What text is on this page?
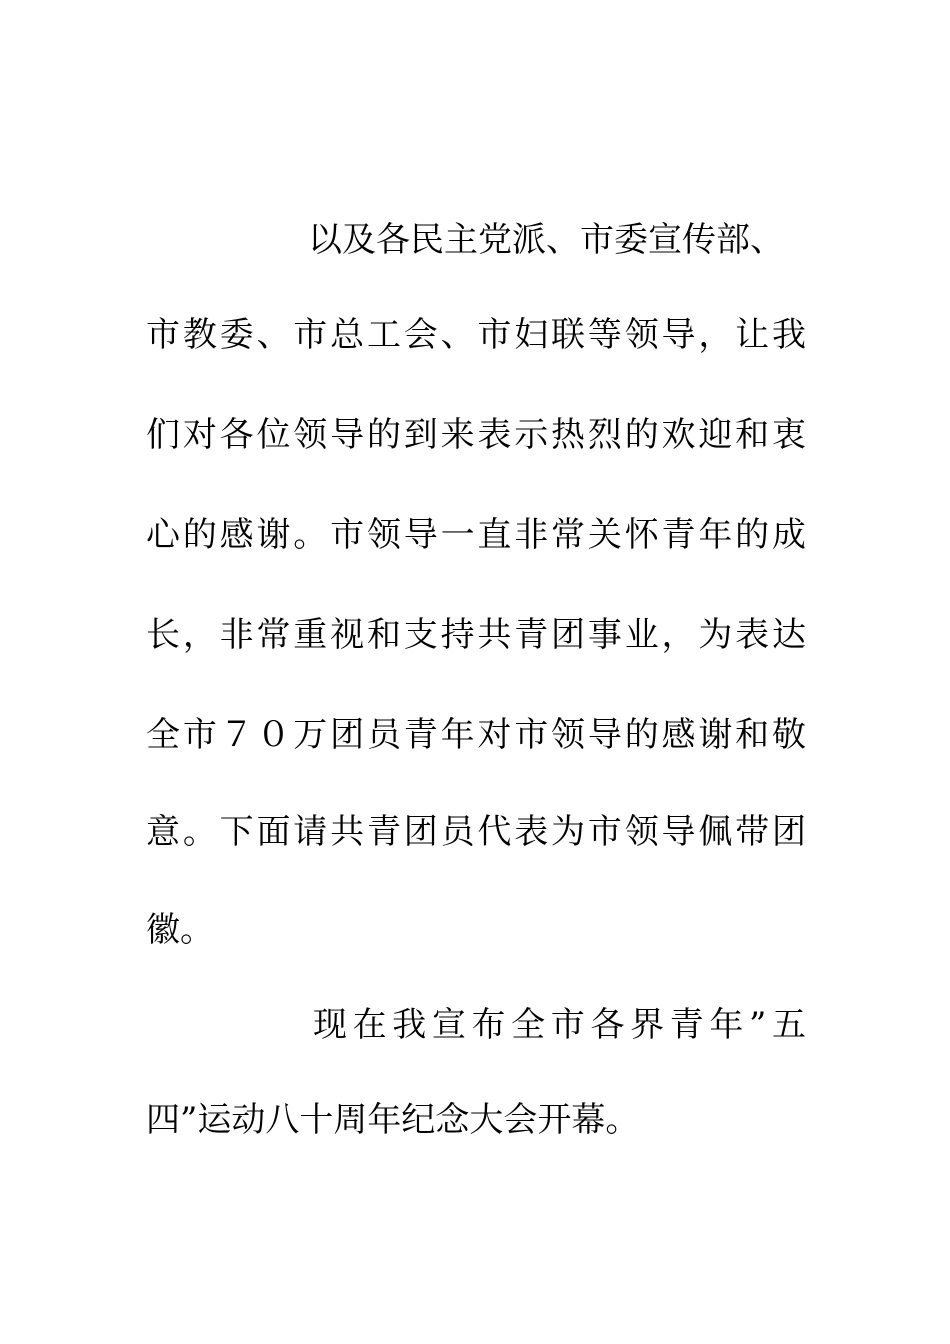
以及各民主党派、市委宣传部、
市教委、市总工会、市妇联等领导，让我
们对各位领导的到来表示热烈的欢迎和衷
心的感谢。市领导一直非常关怀青年的成
长，非常重视和支持共青团事业，为表达
全市７０万团员青年对市领导的感谢和敬
意。下面请共青团员代表为市领导佩带团
徽。
现在我宣布全市各界青年”五
四”运动八十周年纪念大会开幕。
